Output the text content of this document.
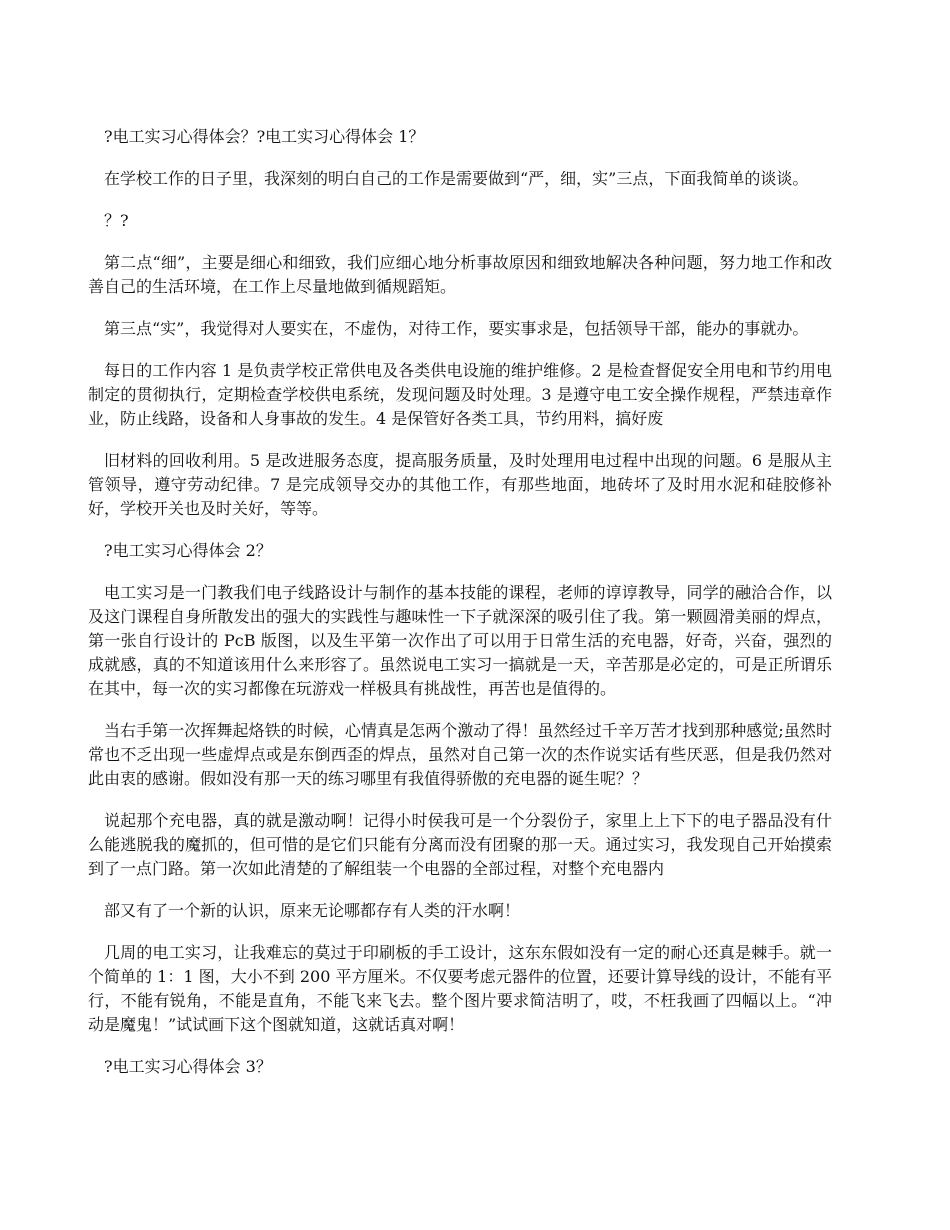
?电工实习心得体会？?电工实习心得体会 1？

在学校工作的日子里，我深刻的明白自己的工作是需要做到“严，细，实”三点，下面我简单的谈谈。

？?

第二点“细”，主要是细心和细致，我们应细心地分析事故原因和细致地解决各种问题，努力地工作和改善自己的生活环境，在工作上尽量地做到循规蹈矩。

第三点“实”，我觉得对人要实在，不虚伪，对待工作，要实事求是，包括领导干部，能办的事就办。

每日的工作内容 1 是负责学校正常供电及各类供电设施的维护维修。2 是检查督促安全用电和节约用电制定的贯彻执行，定期检查学校供电系统，发现问题及时处理。3 是遵守电工安全操作规程，严禁违章作业，防止线路，设备和人身事故的发生。4 是保管好各类工具，节约用料，搞好废

旧材料的回收利用。5 是改进服务态度，提高服务质量，及时处理用电过程中出现的问题。6 是服从主管领导，遵守劳动纪律。7 是完成领导交办的其他工作，有那些地面，地砖坏了及时用水泥和硅胶修补好，学校开关也及时关好，等等。

?电工实习心得体会 2？

电工实习是一门教我们电子线路设计与制作的基本技能的课程，老师的谆谆教导，同学的融洽合作，以及这门课程自身所散发出的强大的实践性与趣味性一下子就深深的吸引住了我。第一颗圆滑美丽的焊点，第一张自行设计的 PcB 版图，以及生平第一次作出了可以用于日常生活的充电器，好奇，兴奋，强烈的成就感，真的不知道该用什么来形容了。虽然说电工实习一搞就是一天，辛苦那是必定的，可是正所谓乐在其中，每一次的实习都像在玩游戏一样极具有挑战性，再苦也是值得的。

当右手第一次挥舞起烙铁的时候，心情真是怎两个激动了得！虽然经过千辛万苦才找到那种感觉;虽然时常也不乏出现一些虚焊点或是东倒西歪的焊点，虽然对自己第一次的杰作说实话有些厌恶，但是我仍然对此由衷的感谢。假如没有那一天的练习哪里有我值得骄傲的充电器的诞生呢？？

说起那个充电器，真的就是激动啊！记得小时侯我可是一个分裂份子，家里上上下下的电子器品没有什么能逃脱我的魔抓的，但可惜的是它们只能有分离而没有团聚的那一天。通过实习，我发现自己开始摸索到了一点门路。第一次如此清楚的了解组装一个电器的全部过程，对整个充电器内

部又有了一个新的认识，原来无论哪都存有人类的汗水啊！

几周的电工实习，让我难忘的莫过于印刷板的手工设计，这东东假如没有一定的耐心还真是棘手。就一个简单的 1：1 图，大小不到 200 平方厘米。不仅要考虑元器件的位置，还要计算导线的设计，不能有平行，不能有锐角，不能是直角，不能飞来飞去。整个图片要求简洁明了，哎，不枉我画了四幅以上。“冲动是魔鬼！”试试画下这个图就知道，这就话真对啊！

?电工实习心得体会 3？
